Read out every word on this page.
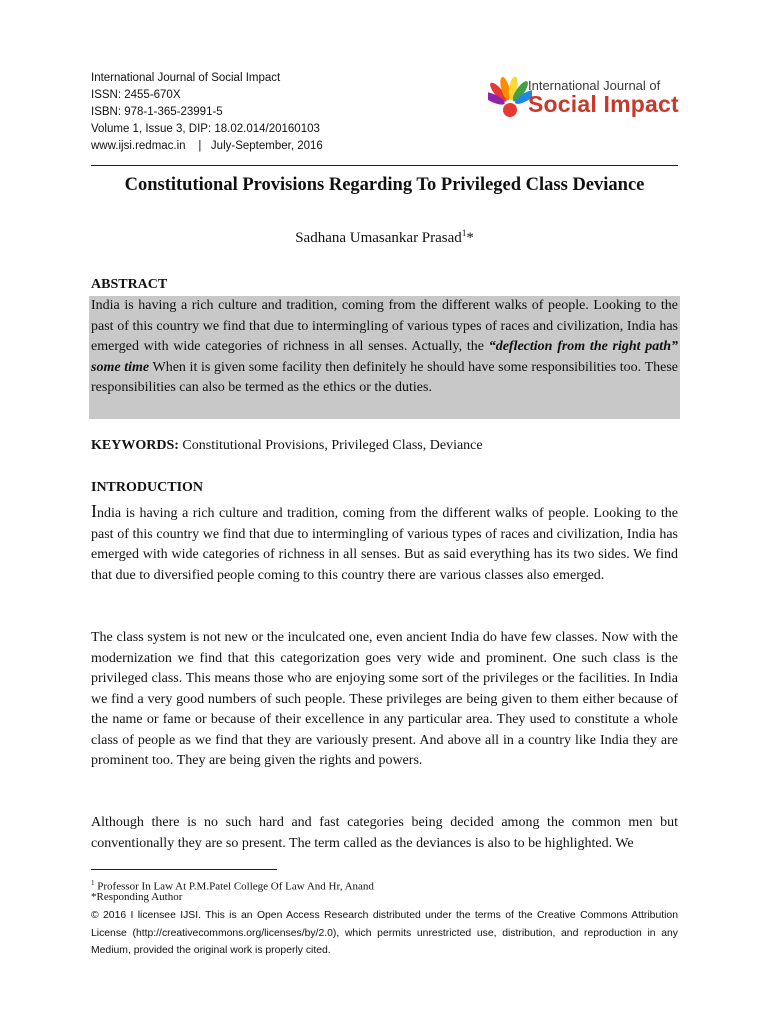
International Journal of Social Impact
ISSN: 2455-670X
ISBN: 978-1-365-23991-5
Volume 1, Issue 3, DIP: 18.02.014/20160103
www.ijsi.redmac.in    |   July-September, 2016
International Journal of
Social Impact
Constitutional Provisions Regarding To Privileged Class Deviance
Sadhana Umasankar Prasad$^1$*
ABSTRACT
India is having a rich culture and tradition, coming from the different walks of people. Looking to the past of this country we find that due to intermingling of various types of races and civilization, India has emerged with wide categories of richness in all senses. Actually, the “deflection from the right path” some time When it is given some facility then definitely he should have some responsibilities too. These responsibilities can also be termed as the ethics or the duties.
KEYWORDS: Constitutional Provisions, Privileged Class, Deviance
INTRODUCTION
India is having a rich culture and tradition, coming from the different walks of people. Looking to the past of this country we find that due to intermingling of various types of races and civilization, India has emerged with wide categories of richness in all senses. But as said everything has its two sides. We find that due to diversified people coming to this country there are various classes also emerged.
The class system is not new or the inculcated one, even ancient India do have few classes. Now with the modernization we find that this categorization goes very wide and prominent. One such class is the privileged class. This means those who are enjoying some sort of the privileges or the facilities. In India we find a very good numbers of such people. These privileges are being given to them either because of the name or fame or because of their excellence in any particular area. They used to constitute a whole class of people as we find that they are variously present. And above all in a country like India they are prominent too. They are being given the rights and powers.
Although there is no such hard and fast categories being decided among the common men but conventionally they are so present. The term called as the deviances is also to be highlighted. We
$^1$ Professor In Law At P.M.Patel College Of Law And Hr, Anand
*Responding Author
© 2016 I licensee IJSI. This is an Open Access Research distributed under the terms of the Creative Commons Attribution License (http://creativecommons.org/licenses/by/2.0), which permits unrestricted use, distribution, and reproduction in any Medium, provided the original work is properly cited.
